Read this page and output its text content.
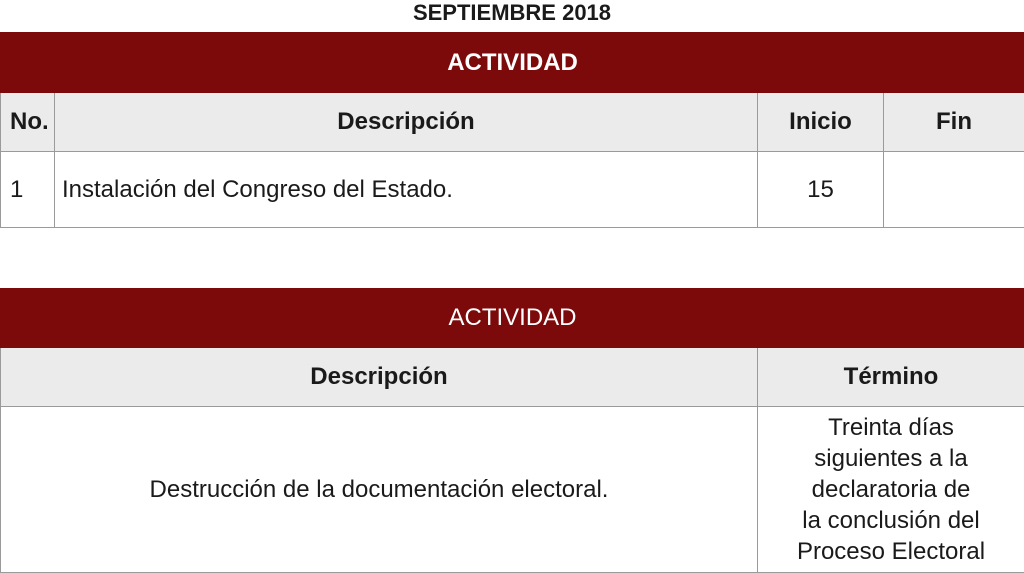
SEPTIEMBRE 2018
ACTIVIDAD			
No.	Descripción	Inicio	Fin
1	Instalación del Congreso del Estado.	15	
ACTIVIDAD	
Descripción	Término
Destrucción de la documentación electoral.	Treinta días
siguientes a la
declaratoria de
la conclusión del
Proceso Electoral
